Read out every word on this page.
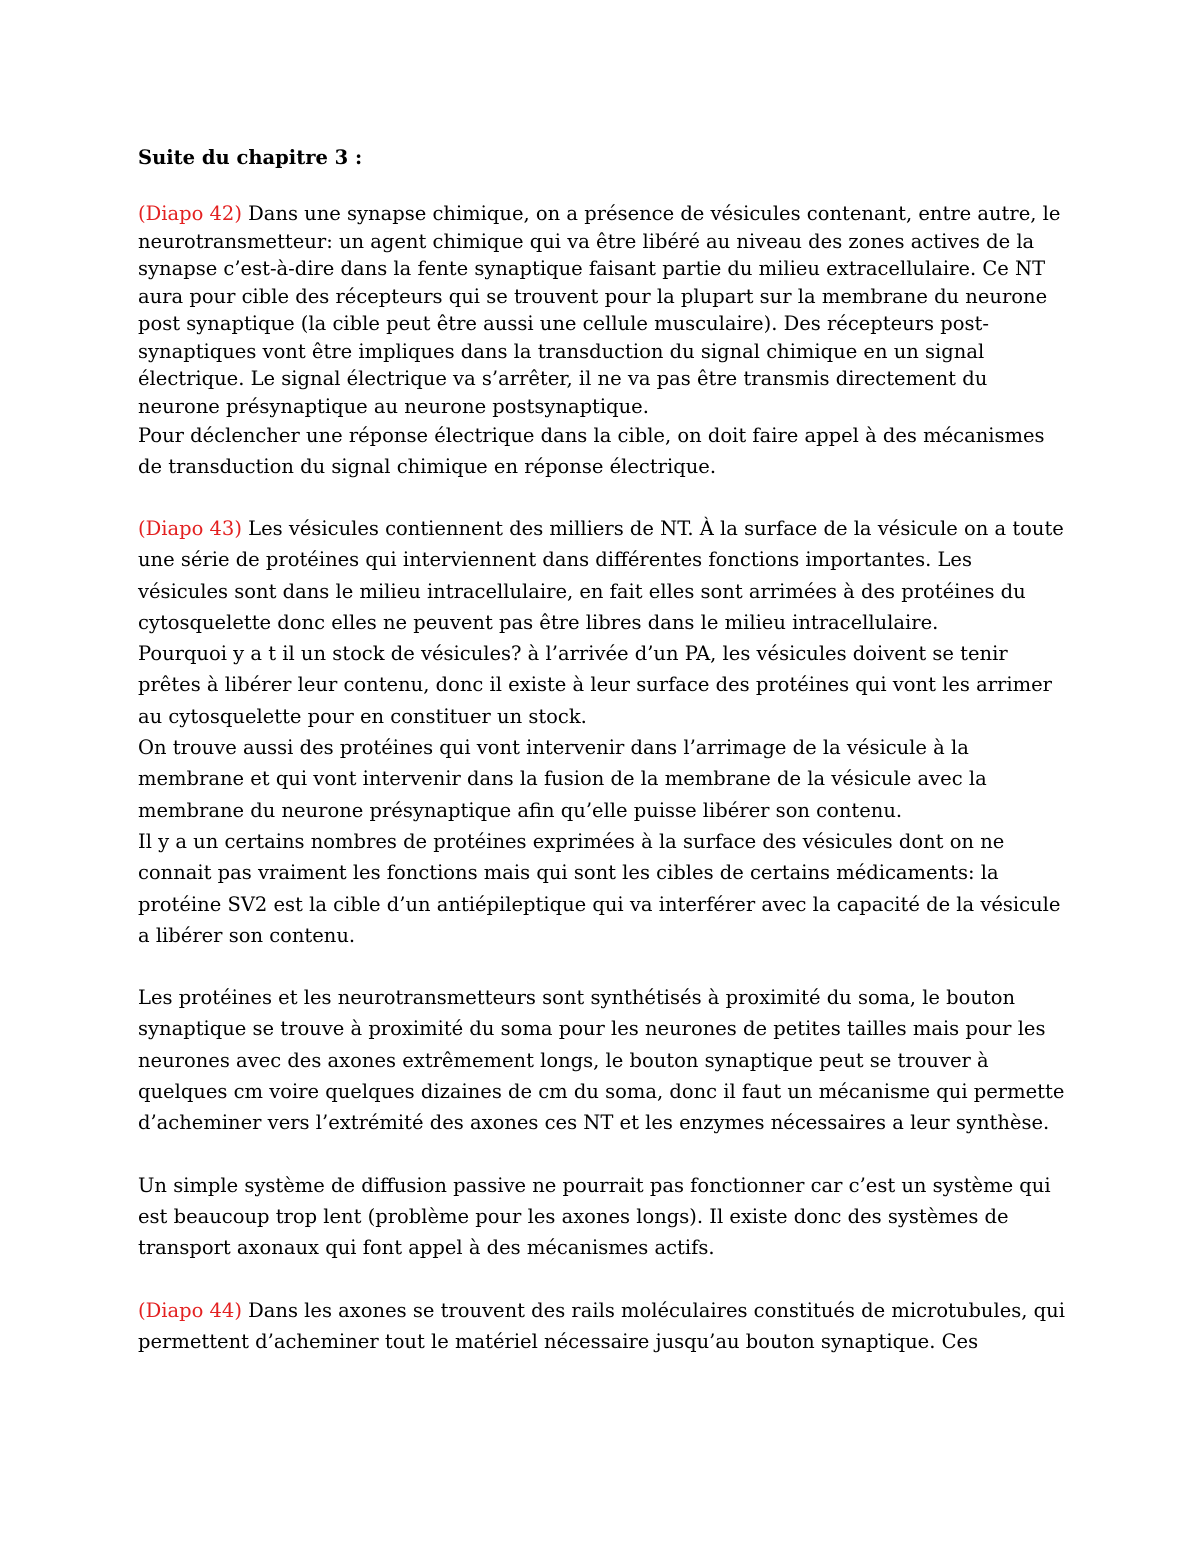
Suite du chapitre 3 :

(Diapo 42) Dans une synapse chimique, on a présence de vésicules contenant, entre autre, le neurotransmetteur: un agent chimique qui va être libéré au niveau des zones actives de la synapse c’est-à-dire dans la fente synaptique faisant partie du milieu extracellulaire. Ce NT aura pour cible des récepteurs qui se trouvent pour la plupart sur la membrane du neurone post synaptique (la cible peut être aussi une cellule musculaire). Des récepteurs post-synaptiques vont être impliques dans la transduction du signal chimique en un signal électrique. Le signal électrique va s’arrêter, il ne va pas être transmis directement du neurone présynaptique au neurone postsynaptique.

Pour déclencher une réponse électrique dans la cible, on doit faire appel à des mécanismes de transduction du signal chimique en réponse électrique.

(Diapo 43) Les vésicules contiennent des milliers de NT. À la surface de la vésicule on a toute une série de protéines qui interviennent dans différentes fonctions importantes. Les vésicules sont dans le milieu intracellulaire, en fait elles sont arrimées à des protéines du cytosquelette donc elles ne peuvent pas être libres dans le milieu intracellulaire.

Pourquoi y a t il un stock de vésicules? à l’arrivée d’un PA, les vésicules doivent se tenir prêtes à libérer leur contenu, donc il existe à leur surface des protéines qui vont les arrimer au cytosquelette pour en constituer un stock.

On trouve aussi des protéines qui vont intervenir dans l’arrimage de la vésicule à la membrane et qui vont intervenir dans la fusion de la membrane de la vésicule avec la membrane du neurone présynaptique afin qu’elle puisse libérer son contenu.

Il y a un certains nombres de protéines exprimées à la surface des vésicules dont on ne connait pas vraiment les fonctions mais qui sont les cibles de certains médicaments: la protéine SV2 est la cible d’un antiépileptique qui va interférer avec la capacité de la vésicule a libérer son contenu.

Les protéines et les neurotransmetteurs sont synthétisés à proximité du soma, le bouton synaptique se trouve à proximité du soma pour les neurones de petites tailles mais pour les neurones avec des axones extrêmement longs, le bouton synaptique peut se trouver à quelques cm voire quelques dizaines de cm du soma, donc il faut un mécanisme qui permette d’acheminer vers l’extrémité des axones ces NT et les enzymes nécessaires a leur synthèse.

Un simple système de diffusion passive ne pourrait pas fonctionner car c’est un système qui est beaucoup trop lent (problème pour les axones longs). Il existe donc des systèmes de transport axonaux qui font appel à des mécanismes actifs.

(Diapo 44) Dans les axones se trouvent des rails moléculaires constitués de microtubules, qui permettent d’acheminer tout le matériel nécessaire jusqu’au bouton synaptique. Ces
